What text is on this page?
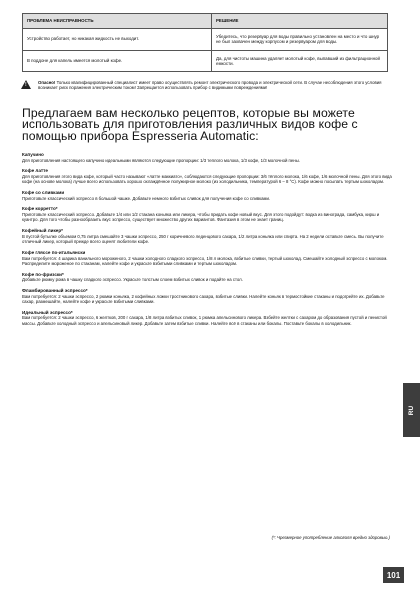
ПРОБЛЕМА НЕИСПРАВНОСТЬ	РЕШЕНИЕ
Устройство работает, но никакая жидкость не выходит.	Убедитесь, что резервуар для воды правильно установлен на место и что шнур не был захвачен между корпусом и резервуаром для воды.
В поддоне для капель имеется молотый кофе.	Да, для чистоты машина удаляет молотый кофе, выпавший из фильтрационной емкости.
!	Опасно! Только квалифицированный специалист имеет право осуществлять ремонт электрического провода и электрической сети. В случае несоблюдения этого условия возникает риск поражения электрическим током! Запрещается использовать прибор с видимыми повреждениями!
Предлагаем вам несколько рецептов, которые вы можете использовать для приготовления различных видов кофе с помощью прибора Espresseria Automatic:

Капучино

Для приготовления настоящего капучино идеальными являются следующие пропорции: 1/3 теплого молока, 1/3 кофе, 1/3 молочной пены.

Кофе латте

Для приготовления этого вида кофе, который часто называют «латте маккиато», соблюдаются следующие пропорции: 3/6 тёплого молока, 1/6 кофе, 1/6 молочной пены. Для этого вида кофе (на основе молока) лучше всего использовать хорошо охлаждённое полужирное молоко (из холодильника, температурой 6 – 8 °С). Кофе можно посыпать тертым шоколадом.

Кофе со сливками

Приготовьте классический эспрессо в большой чашке. Добавьте немного взбитых сливок для получения кофе со сливками.

Кофе корретто*

Приготовьте классический эспрессо. Добавьте 1/4 или 1/2 стакана коньяка или ликера, чтобы придать кофе новый вкус. Для этого подойдут: водка из винограда, самбука, кирш и куантро. Для того чтобы разнообразить вкус эспрессо, существует множество других вариантов. Фантазия в этом не знает границ.

Кофейный ликер*

В пустой бутылке объемом 0,75 литра смешайте 3 чашки эспрессо, 250 г коричневого леденцового сахара, 1/2 литра коньяка или спирта. На 2 недели оставьте смесь. Вы получите отличный ликер, который прежде всего оценят любители кофе.

Кофе гляссе по-итальянски

Вам потребуется: 4 шарика ванильного мороженого, 2 чашки холодного сладкого эспрессо, 1/8 л молока, взбитые сливки, тертый шоколад. Смешайте холодный эспрессо с молоком. Распределите мороженое по стаканам, налейте кофе и украсьте взбитыми сливками и тертым шоколадом.

Кофе по-фризски*

Добавьте рюмку рома в чашку сладкого эспрессо. Украсьте толстым слоем взбитых сливок и подайте на стол.

Фламбированный эспрессо*

Вам потребуется: 2 чашки эспрессо, 2 рюмки коньяка, 2 кофейных ложки тростникового сахара, взбитые сливки. Налейте коньяк в термостойкие стаканы и подогрейте их. Добавьте сахар, размешайте, налейте кофе и украсьте взбитыми сливками.

Идеальный эспрессо*

Вам потребуется: 2 чашки эспрессо, 6 желтков, 200 г сахара, 1/8 литра взбитых сливок, 1 рюмка апельсинового ликера. Взбейте желтки с сахаром до образования пустой и пенистой массы. Добавьте холодный эспрессо и апельсиновый ликер. Добавьте затем взбитые сливки. Налейте всё в стаканы или бокалы. Поставьте бокалы в холодильник.

(*: Чрезмерное употребление алкоголя вредно здоровью.)
RU
101
